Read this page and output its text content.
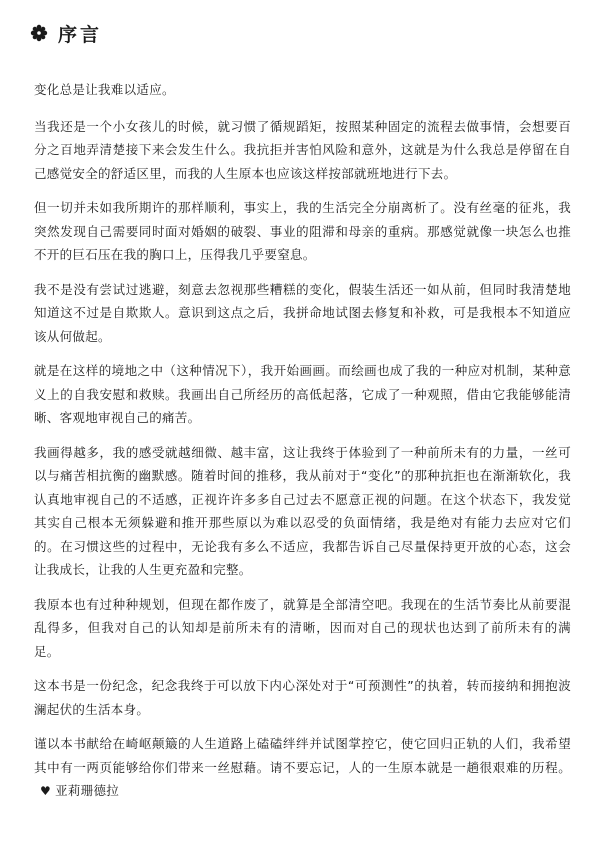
序言

变化总是让我难以适应。

当我还是一个小女孩儿的时候，就习惯了循规蹈矩，按照某种固定的流程去做事情，会想要百分之百地弄清楚接下来会发生什么。我抗拒并害怕风险和意外，这就是为什么我总是停留在自己感觉安全的舒适区里，而我的人生原本也应该这样按部就班地进行下去。

但一切并未如我所期许的那样顺利，事实上，我的生活完全分崩离析了。没有丝毫的征兆，我突然发现自己需要同时面对婚姻的破裂、事业的阻滞和母亲的重病。那感觉就像一块怎么也推不开的巨石压在我的胸口上，压得我几乎要窒息。

我不是没有尝试过逃避，刻意去忽视那些糟糕的变化，假装生活还一如从前，但同时我清楚地知道这不过是自欺欺人。意识到这点之后，我拼命地试图去修复和补救，可是我根本不知道应该从何做起。

就是在这样的境地之中（这种情况下），我开始画画。而绘画也成了我的一种应对机制，某种意义上的自我安慰和救赎。我画出自己所经历的高低起落，它成了一种观照，借由它我能够能清晰、客观地审视自己的痛苦。

我画得越多，我的感受就越细微、越丰富，这让我终于体验到了一种前所未有的力量，一丝可以与痛苦相抗衡的幽默感。随着时间的推移，我从前对于“变化”的那种抗拒也在渐渐软化，我认真地审视自己的不适感，正视许许多多自己过去不愿意正视的问题。在这个状态下，我发觉其实自己根本无须躲避和推开那些原以为难以忍受的负面情绪，我是绝对有能力去应对它们的。在习惯这些的过程中，无论我有多么不适应，我都告诉自己尽量保持更开放的心态，这会让我成长，让我的人生更充盈和完整。

我原本也有过种种规划，但现在都作废了，就算是全部清空吧。我现在的生活节奏比从前要混乱得多，但我对自己的认知却是前所未有的清晰，因而对自己的现状也达到了前所未有的满足。

这本书是一份纪念，纪念我终于可以放下内心深处对于“可预测性”的执着，转而接纳和拥抱波澜起伏的生活本身。

谨以本书献给在崎岖颠簸的人生道路上磕磕绊绊并试图掌控它，使它回归正轨的人们，我希望其中有一两页能够给你们带来一丝慰藉。请不要忘记，人的一生原本就是一趟很艰难的历程。♥ 亚莉珊德拉
